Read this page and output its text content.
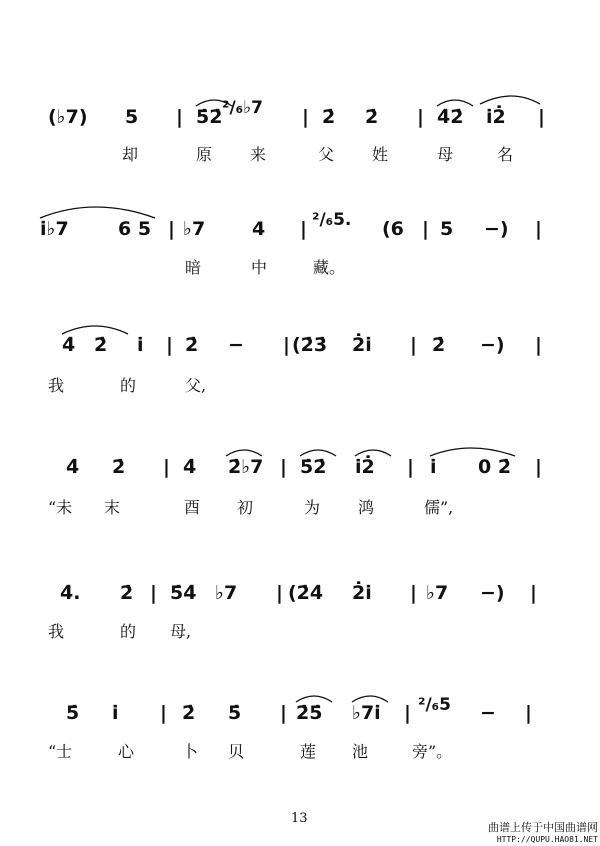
(♭7) 5 | 5̇2̇ ²/₆♭7 | 2̇ 2̇ | 4̇2̇ i̇2̇ |
却	原 来	父 姓	母	名
i̇♭7	6 5 | ♭7 4 | ²/₆5. (6 | 5 −) |
暗	中	藏。
4̇ 2̇ i̇ | 2̇ − | (2̇3̇ 2̇i̇ | 2̇ −) |
我	的	父,
4̇ 2̇ | 4̇ 2̇♭7 | 5̇2̇ i̇2̇ | i̇ 0 2̇ |
“未 末	酉 初	为 鸿	儒”,
4̇. 2̇ | 5̇4̇ ♭7 | (2̇4̇ 2̇i̇ | ♭7 −) |
我	的 母,
5̇ i̇ | 2̇ 5̇ | 2̇5̇ ♭7i̇ | ²/₆5 − |
“士	心	卜 贝	莲 池	旁”。
13
曲谱上传于中国曲谱网
HTTP://QUPU.HAO81.NET
